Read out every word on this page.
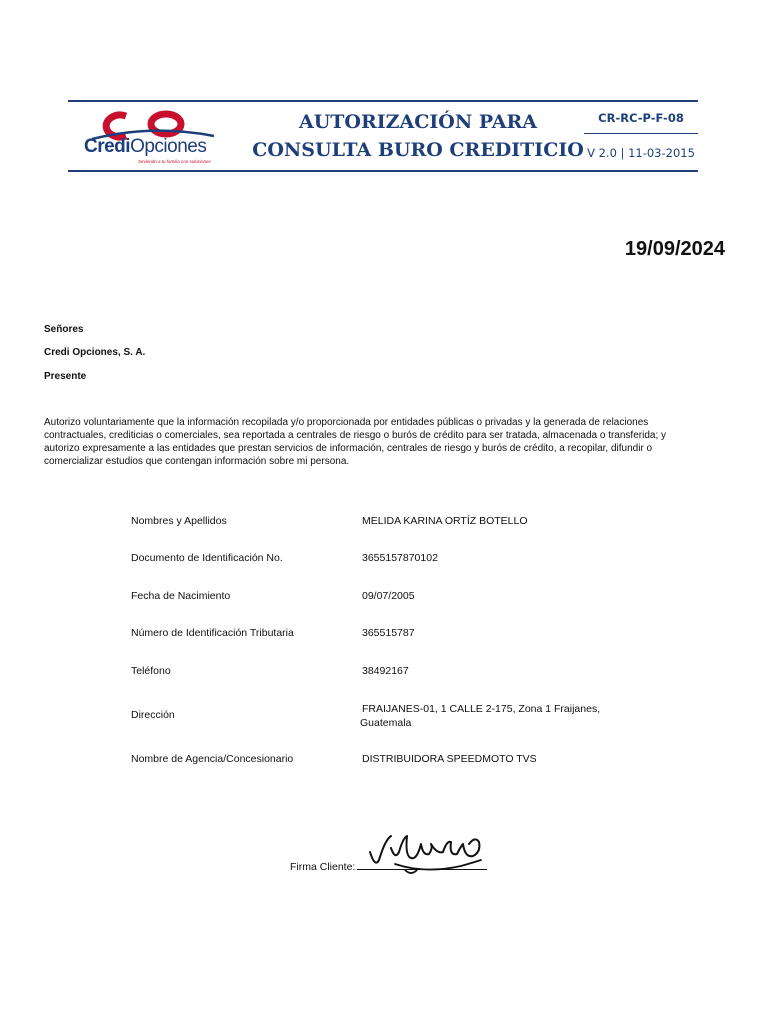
CrediOpciones
Sirviendo a tu familia con soluciones
AUTORIZACIÓN PARA
CONSULTA BURO CREDITICIO
CR-RC-P-F-08
V 2.0 | 11-03-2015
19/09/2024
Señores
Credi Opciones, S. A.
Presente
Autorizo voluntariamente que la información recopilada y/o proporcionada por entidades públicas o privadas y la generada de relaciones contractuales, crediticias o comerciales, sea reportada a centrales de riesgo o burós de crédito para ser tratada, almacenada o transferida; y autorizo expresamente a las entidades que prestan servicios de información, centrales de riesgo y burós de crédito, a recopilar, difundir o comercializar estudios que contengan información sobre mi persona.
Nombres y Apellidos	MELIDA KARINA ORTÍZ BOTELLO
Documento de Identificación No.	3655157870102
Fecha de Nacimiento	09/07/2005
Número de Identificación Tributaria	365515787
Teléfono	38492167
Dirección	FRAIJANES-01, 1 CALLE 2-175, Zona 1 Fraijanes,
Guatemala
Nombre de Agencia/Concesionario	DISTRIBUIDORA SPEEDMOTO TVS
Firma Cliente:
